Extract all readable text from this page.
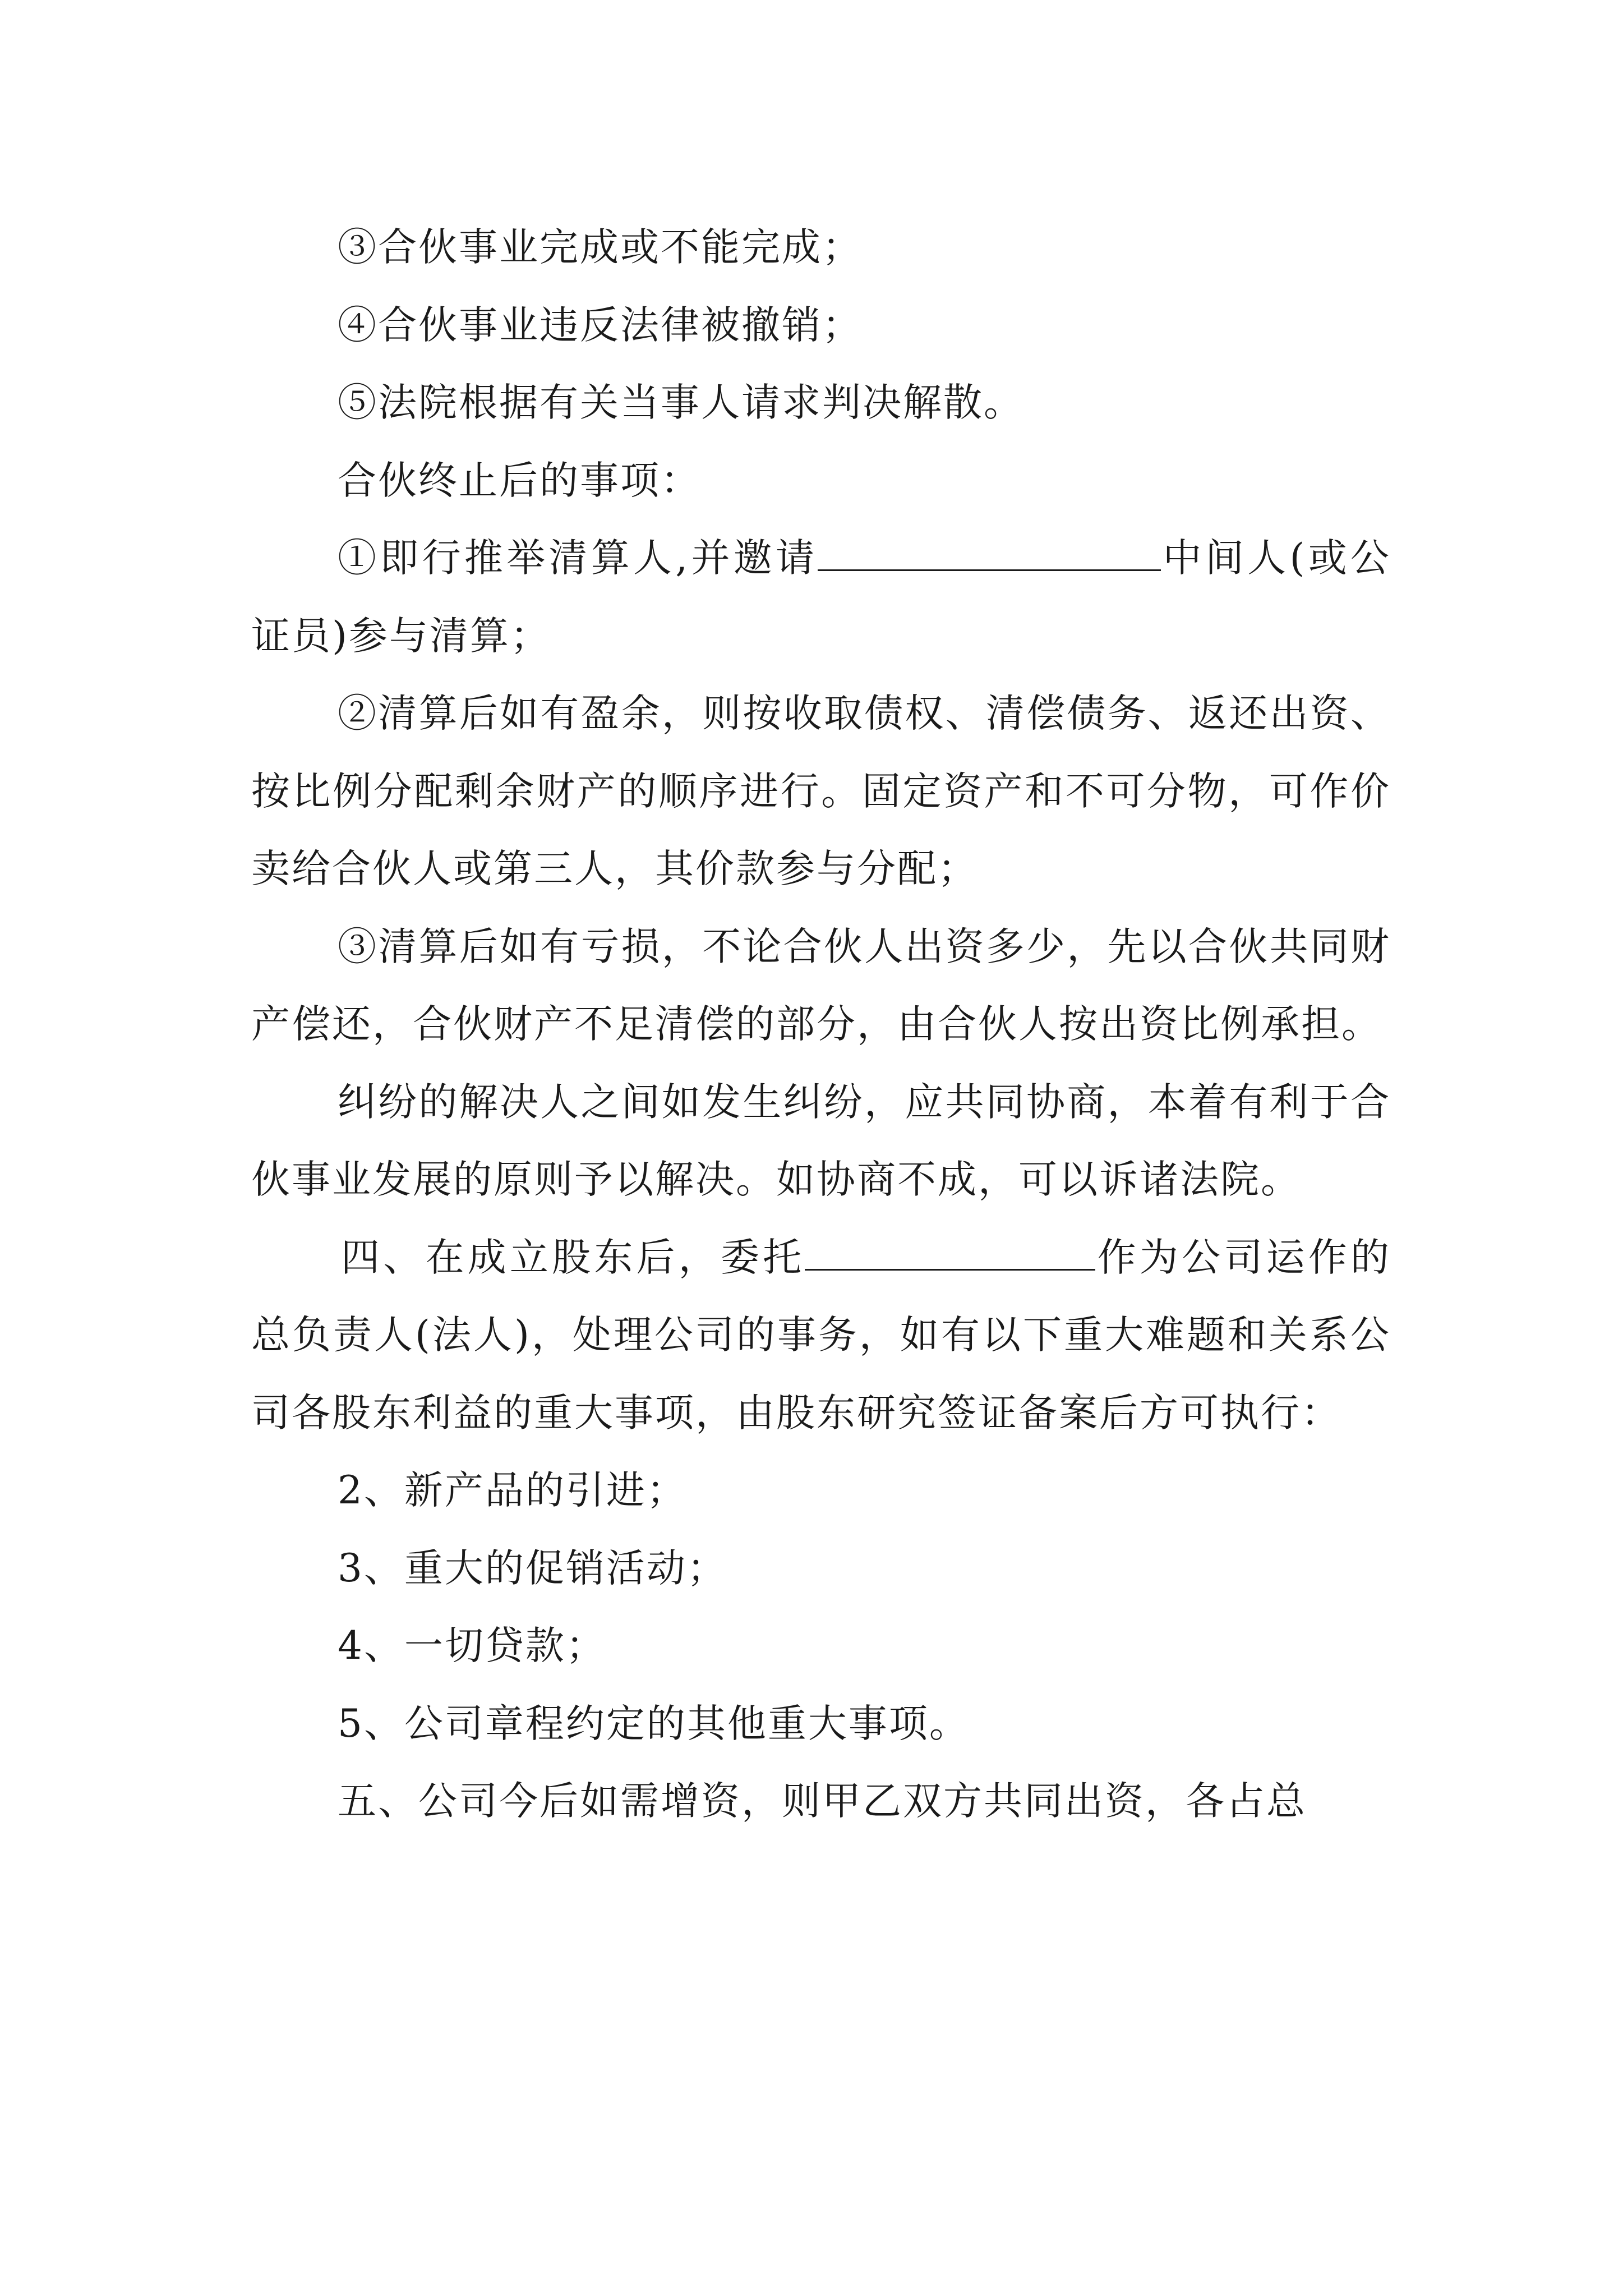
③合伙事业完成或不能完成；

④合伙事业违反法律被撤销；

⑤法院根据有关当事人请求判决解散。

合伙终止后的事项：

①即行推举清算人,并邀请	中间人(或公证员)参与清算；

②清算后如有盈余，则按收取债权、清偿债务、返还出资、按比例分配剩余财产的顺序进行。固定资产和不可分物，可作价卖给合伙人或第三人，其价款参与分配；

③清算后如有亏损，不论合伙人出资多少，先以合伙共同财产偿还，合伙财产不足清偿的部分，由合伙人按出资比例承担。

纠纷的解决人之间如发生纠纷，应共同协商，本着有利于合伙事业发展的原则予以解决。如协商不成，可以诉诸法院。

四、在成立股东后，委托	作为公司运作的总负责人(法人)，处理公司的事务，如有以下重大难题和关系公司各股东利益的重大事项，由股东研究签证备案后方可执行：

2、新产品的引进；

3、重大的促销活动；

4、一切贷款；

5、公司章程约定的其他重大事项。

五、公司今后如需增资，则甲乙双方共同出资，各占总
